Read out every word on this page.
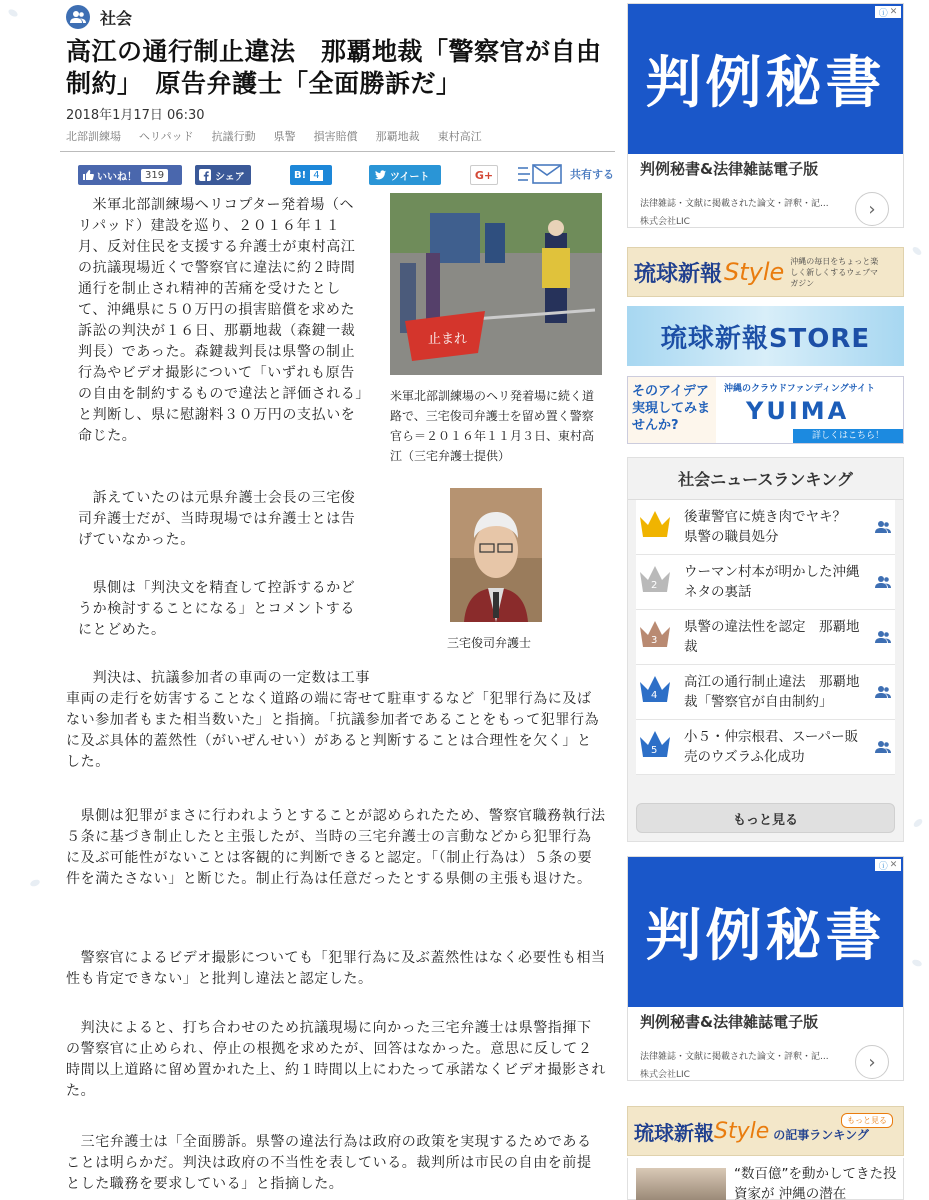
社会
高江の通行制止違法　那覇地裁「警察官が自由制約」　原告弁護士「全面勝訴だ」
2018年1月17日 06:30
北部訓練場 ヘリパッド 抗議行動 県警 損害賠償 那覇地裁 東村高江
いいね！ 319	シェア	B! 4	ツイート	G+	共有する
止まれ
米軍北部訓練場のヘリ発着場に続く道路で、三宅俊司弁護士を留め置く警察官ら＝２０１６年１１月３日、東村高江（三宅弁護士提供）
　米軍北部訓練場ヘリコプター発着場（ヘリパッド）建設を巡り、２０１６年１１月、反対住民を支援する弁護士が東村高江の抗議現場近くで警察官に違法に約２時間通行を制止され精神的苦痛を受けたとして、沖縄県に５０万円の損害賠償を求めた訴訟の判決が１６日、那覇地裁（森鍵一裁判長）であった。森鍵裁判長は県警の制止行為やビデオ撮影について「いずれも原告の自由を制約するもので違法と評価される」と判断し、県に慰謝料３０万円の支払いを命じた。
　訴えていたのは元県弁護士会長の三宅俊司弁護士だが、当時現場では弁護士とは告げていなかった。
　県側は「判決文を精査して控訴するかどうか検討することになる」とコメントするにとどめた。
　判決は、抗議参加者の車両の一定数は工事
三宅俊司弁護士
車両の走行を妨害することなく道路の端に寄せて駐車するなど「犯罪行為に及ばない参加者もまた相当数いた」と指摘。「抗議参加者であることをもって犯罪行為に及ぶ具体的蓋然性（がいぜんせい）があると判断することは合理性を欠く」とした。
　県側は犯罪がまさに行われようとすることが認められたため、警察官職務執行法５条に基づき制止したと主張したが、当時の三宅弁護士の言動などから犯罪行為に及ぶ可能性がないことは客観的に判断できると認定。「（制止行為は）５条の要件を満たさない」と断じた。制止行為は任意だったとする県側の主張も退けた。
　警察官によるビデオ撮影についても「犯罪行為に及ぶ蓋然性はなく必要性も相当性も肯定できない」と批判し違法と認定した。
　判決によると、打ち合わせのため抗議現場に向かった三宅弁護士は県警指揮下の警察官に止められ、停止の根拠を求めたが、回答はなかった。意思に反して２時間以上道路に留め置かれた上、約１時間以上にわたって承諾なくビデオ撮影された。
　三宅弁護士は「全面勝訴。県警の違法行為は政府の政策を実現するためであることは明らかだ。判決は政府の不当性を表している。裁判所は市民の自由を前提とした職務を要求している」と指摘した。
判例秘書
ⓘ ✕
判例秘書&法律雑誌電子版
法律雑誌・文献に掲載された論文・評釈・記...
株式会社LIC
›
琉球新報 Style 沖縄の毎日をちょっと楽しく新しくするウェブマガジン
琉球新報STORE
そのアイデア実現してみませんか?
沖縄のクラウドファンディングサイト
YUIMA
詳しくはこちら！
社会ニュースランキング
後輩警官に焼き肉でヤキ？　県警の職員処分
2
ウーマン村本が明かした沖縄ネタの裏話
3
県警の違法性を認定　那覇地裁
4
高江の通行制止違法　那覇地裁「警察官が自由制約」
5
小５・仲宗根君、スーパー販売のウズラふ化成功
もっと見る
判例秘書
ⓘ ✕
判例秘書&法律雑誌電子版
法律雑誌・文献に掲載された論文・評釈・記...
株式会社LIC
›
琉球新報 Style の記事ランキング
もっと見る
“数百億”を動かしてきた投資家が 沖縄の潜在
